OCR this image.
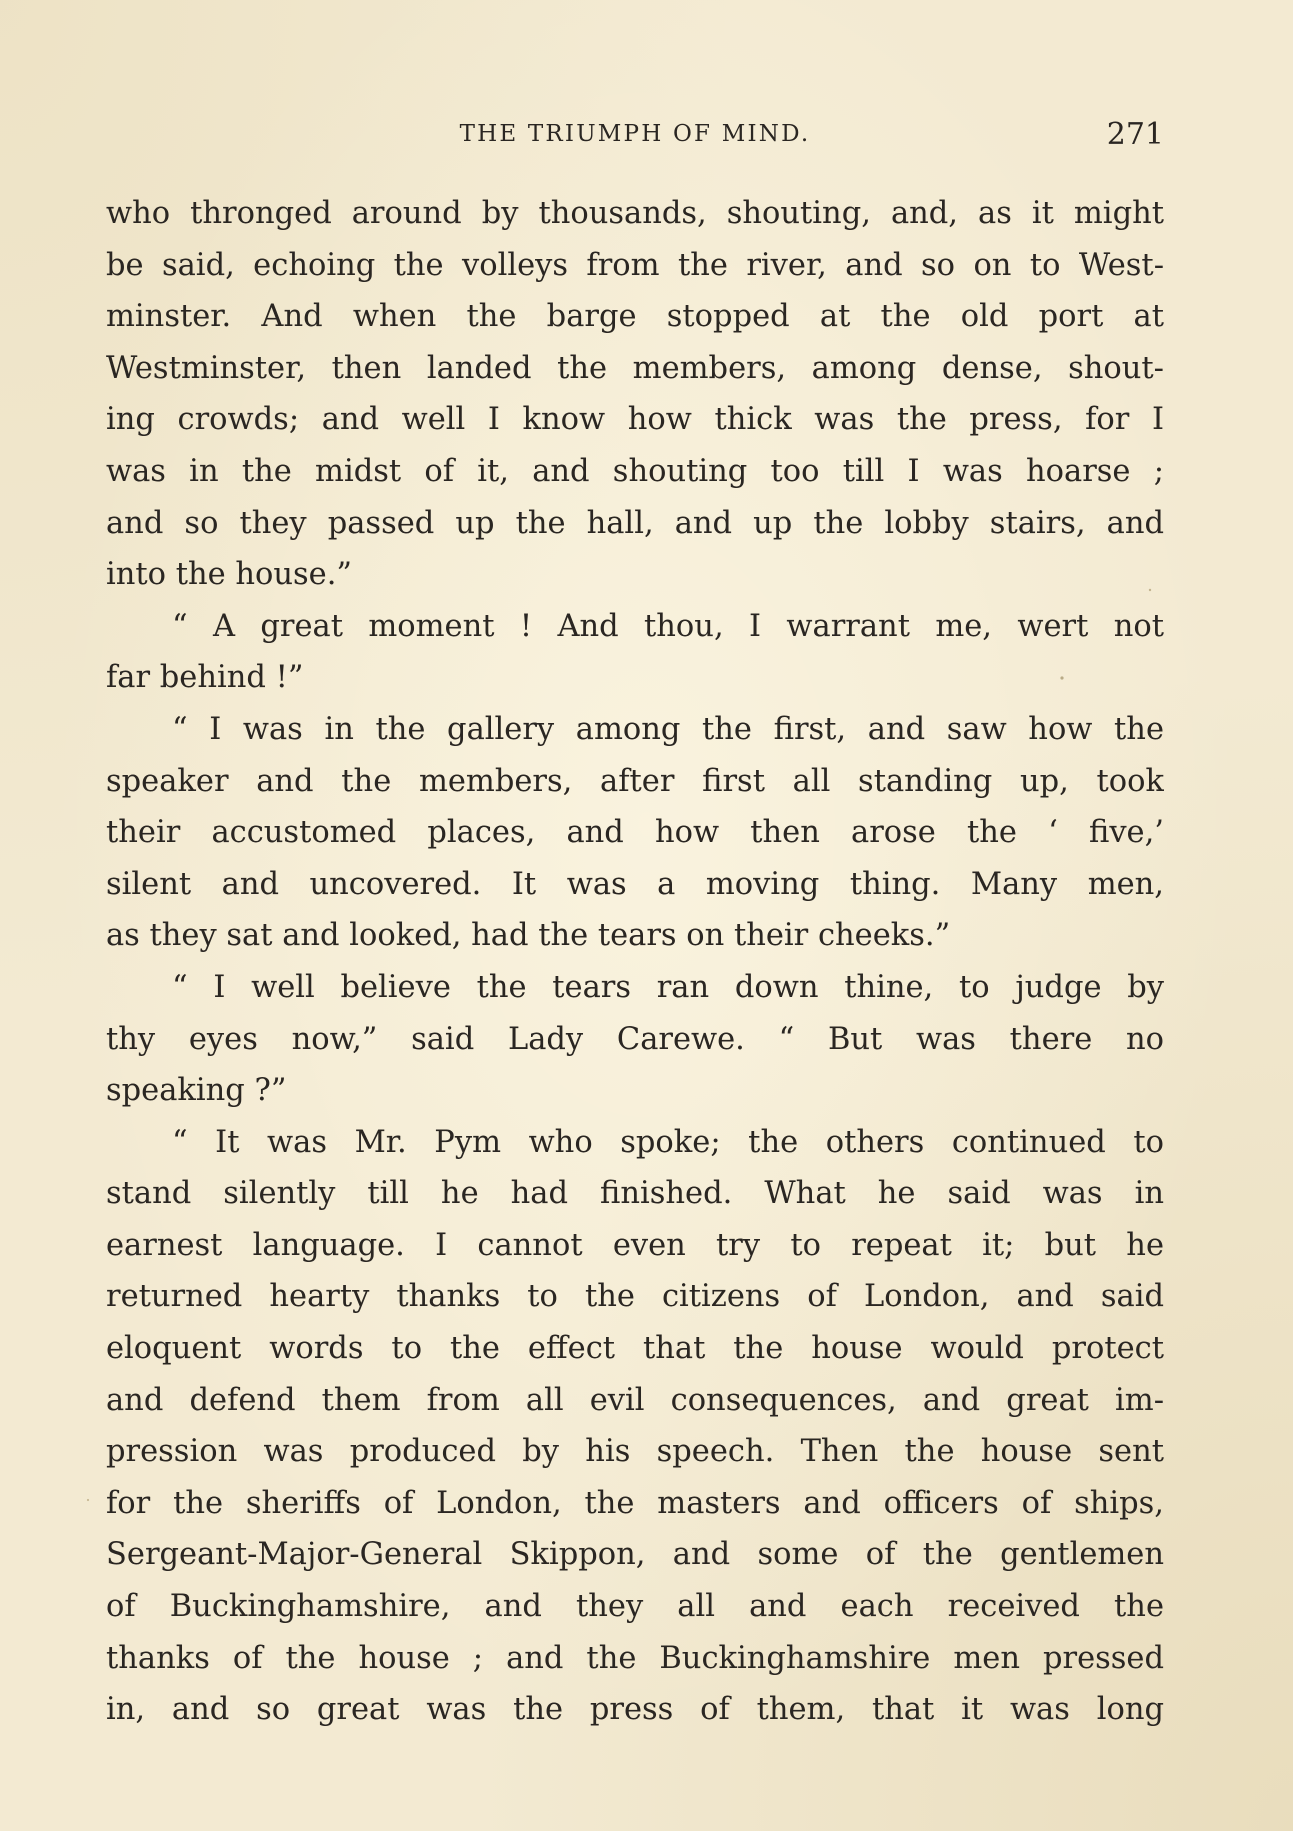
THE TRIUMPH OF MIND.	271
who thronged around by thousands, shouting, and, as it might
be said, echoing the volleys from the river, and so on to West-
minster. And when the barge stopped at the old port at
Westminster, then landed the members, among dense, shout-
ing crowds; and well I know how thick was the press, for I
was in the midst of it, and shouting too till I was hoarse ;
and so they passed up the hall, and up the lobby stairs, and
into the house.”
“ A great moment ! And thou, I warrant me, wert not
far behind !”
“ I was in the gallery among the first, and saw how the
speaker and the members, after first all standing up, took
their accustomed places, and how then arose the ‘ five,’
silent and uncovered. It was a moving thing. Many men,
as they sat and looked, had the tears on their cheeks.”
“ I well believe the tears ran down thine, to judge by
thy eyes now,” said Lady Carewe. “ But was there no
speaking ?”
“ It was Mr. Pym who spoke; the others continued to
stand silently till he had finished. What he said was in
earnest language. I cannot even try to repeat it; but he
returned hearty thanks to the citizens of London, and said
eloquent words to the effect that the house would protect
and defend them from all evil consequences, and great im-
pression was produced by his speech. Then the house sent
for the sheriffs of London, the masters and officers of ships,
Sergeant-Major-General Skippon, and some of the gentlemen
of Buckinghamshire, and they all and each received the
thanks of the house ; and the Buckinghamshire men pressed
in, and so great was the press of them, that it was long
